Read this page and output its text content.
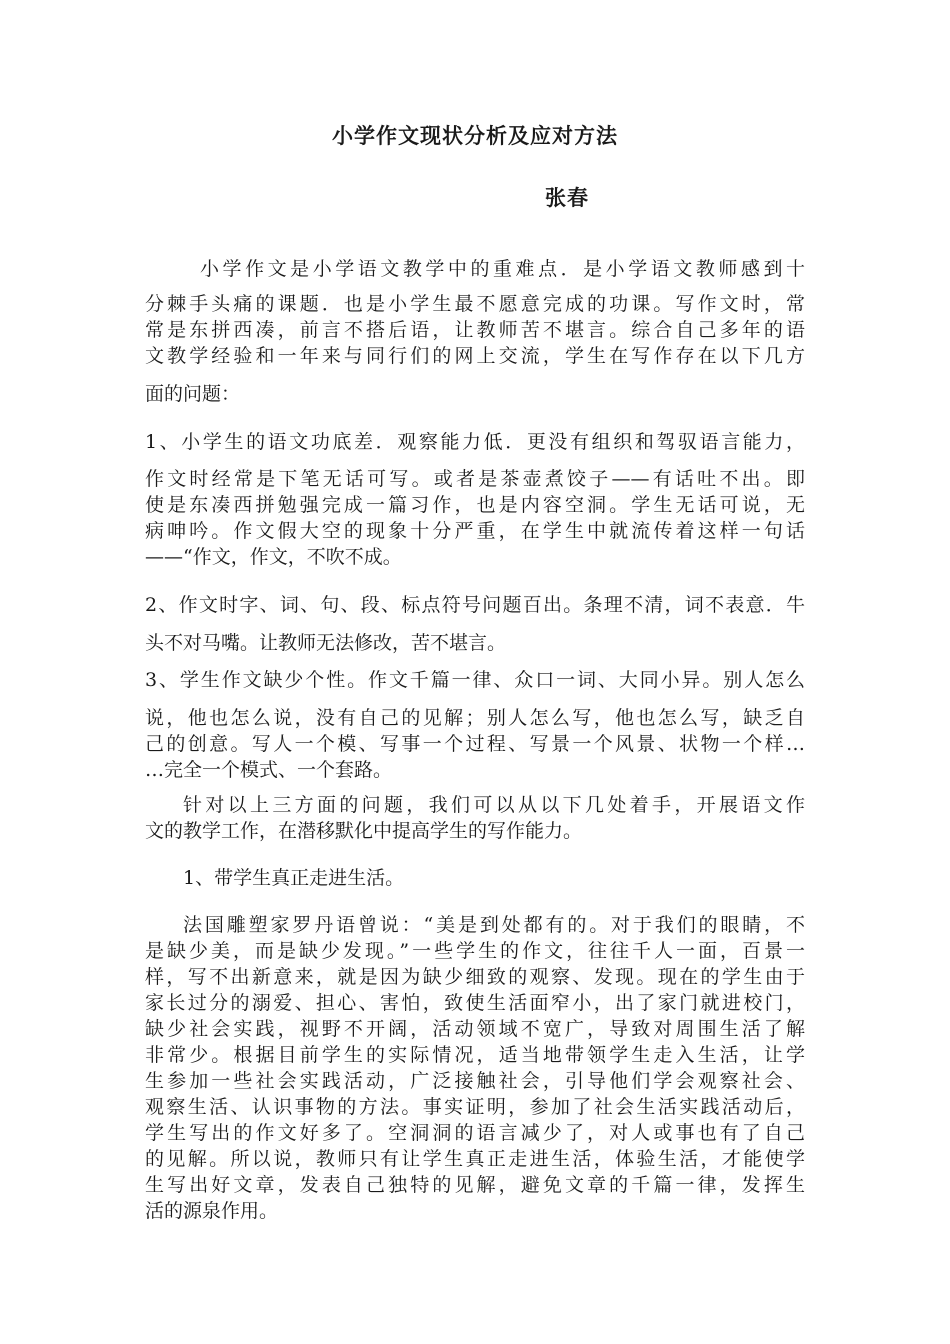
小学作文现状分析及应对方法
张春
小学作文是小学语文教学中的重难点．是小学语文教师感到十
分棘手头痛的课题．也是小学生最不愿意完成的功课。写作文时，常
常是东拼西凑，前言不搭后语，让教师苦不堪言。综合自己多年的语
文教学经验和一年来与同行们的网上交流，学生在写作存在以下几方
面的问题：
1、小学生的语文功底差．观察能力低．更没有组织和驾驭语言能力，
作文时经常是下笔无话可写。或者是茶壶煮饺子——有话吐不出。即
使是东凑西拼勉强完成一篇习作，也是内容空洞。学生无话可说，无
病呻吟。作文假大空的现象十分严重，在学生中就流传着这样一句话
——“作文，作文，不吹不成。
2、作文时字、词、句、段、标点符号问题百出。条理不清，词不表意．牛
头不对马嘴。让教师无法修改，苦不堪言。
3、学生作文缺少个性。作文千篇一律、众口一词、大同小异。别人怎么
说，他也怎么说，没有自己的见解；别人怎么写，他也怎么写，缺乏自
己的创意。写人一个模、写事一个过程、写景一个风景、状物一个样…
…完全一个模式、一个套路。
针对以上三方面的问题，我们可以从以下几处着手，开展语文作
文的教学工作，在潜移默化中提高学生的写作能力。
1、带学生真正走进生活。
法国雕塑家罗丹语曾说：“美是到处都有的。对于我们的眼睛，不
是缺少美，而是缺少发现。”一些学生的作文，往往千人一面，百景一
样，写不出新意来，就是因为缺少细致的观察、发现。现在的学生由于
家长过分的溺爱、担心、害怕，致使生活面窄小，出了家门就进校门，
缺少社会实践，视野不开阔，活动领域不宽广，导致对周围生活了解
非常少。根据目前学生的实际情况，适当地带领学生走入生活，让学
生参加一些社会实践活动，广泛接触社会，引导他们学会观察社会、
观察生活、认识事物的方法。事实证明，参加了社会生活实践活动后，
学生写出的作文好多了。空洞洞的语言减少了，对人或事也有了自己
的见解。所以说，教师只有让学生真正走进生活，体验生活，才能使学
生写出好文章，发表自己独特的见解，避免文章的千篇一律，发挥生
活的源泉作用。
